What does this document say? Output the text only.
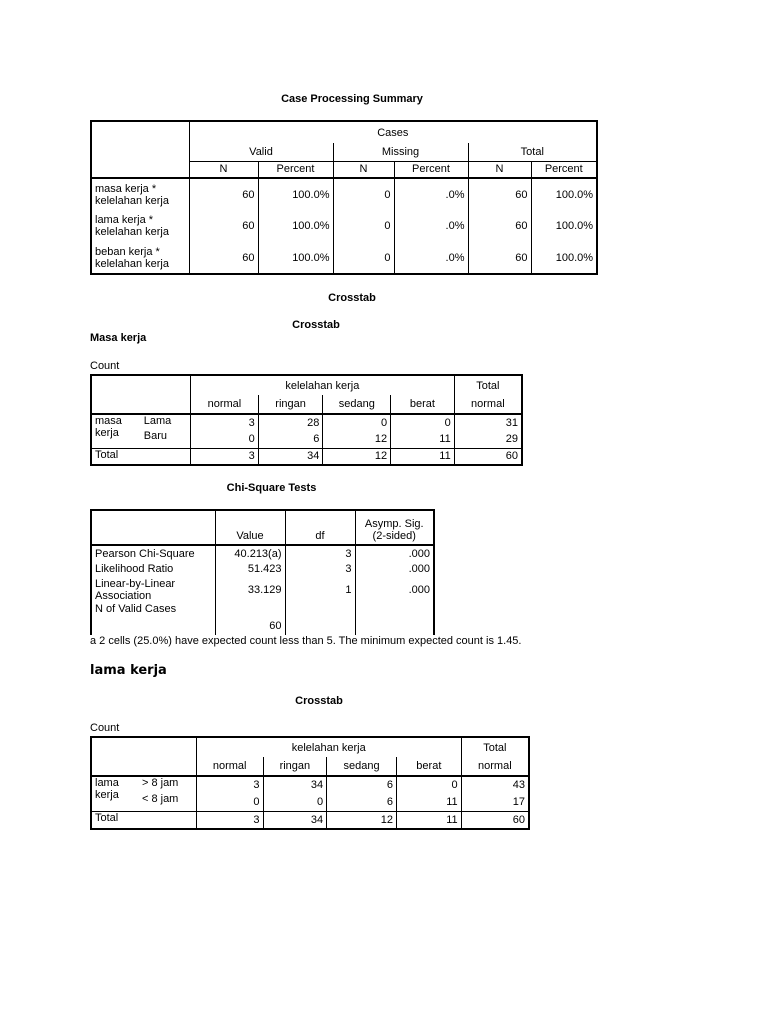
Case Processing Summary
	Cases					
	Valid		Missing		Total	
	N	Percent	N	Percent	N	Percent

masa kerja *
kelelahan kerja	60	100.0%	0	.0%	60	100.0%

lama kerja *
kelelahan kerja	60	100.0%	0	.0%	60	100.0%

beban kerja *
kelelahan kerja	60	100.0%	0	.0%	60	100.0%
Crosstab
Crosstab
Masa kerja
Count
		kelelahan kerja				Total
		normal	ringan	sedang	berat	normal

masa
kerja	Lama	3	28	0	0	31
	Baru	0	6	12	11	29
Total		3	34	12	11	60
Chi-Square Tests
	Value	df	Asymp. Sig.
(2-sided)

Pearson Chi-Square	40.213(a)	3	.000
Likelihood Ratio	51.423	3	.000

Linear-by-Linear
Association	33.129	1	.000
N of Valid Cases	60		
a 2 cells (25.0%) have expected count less than 5. The minimum expected count is 1.45.
lama kerja
Crosstab
Count
		kelelahan kerja				Total
		normal	ringan	sedang	berat	normal

lama
kerja	> 8 jam	3	34	6	0	43
	< 8 jam	0	0	6	11	17
Total		3	34	12	11	60
